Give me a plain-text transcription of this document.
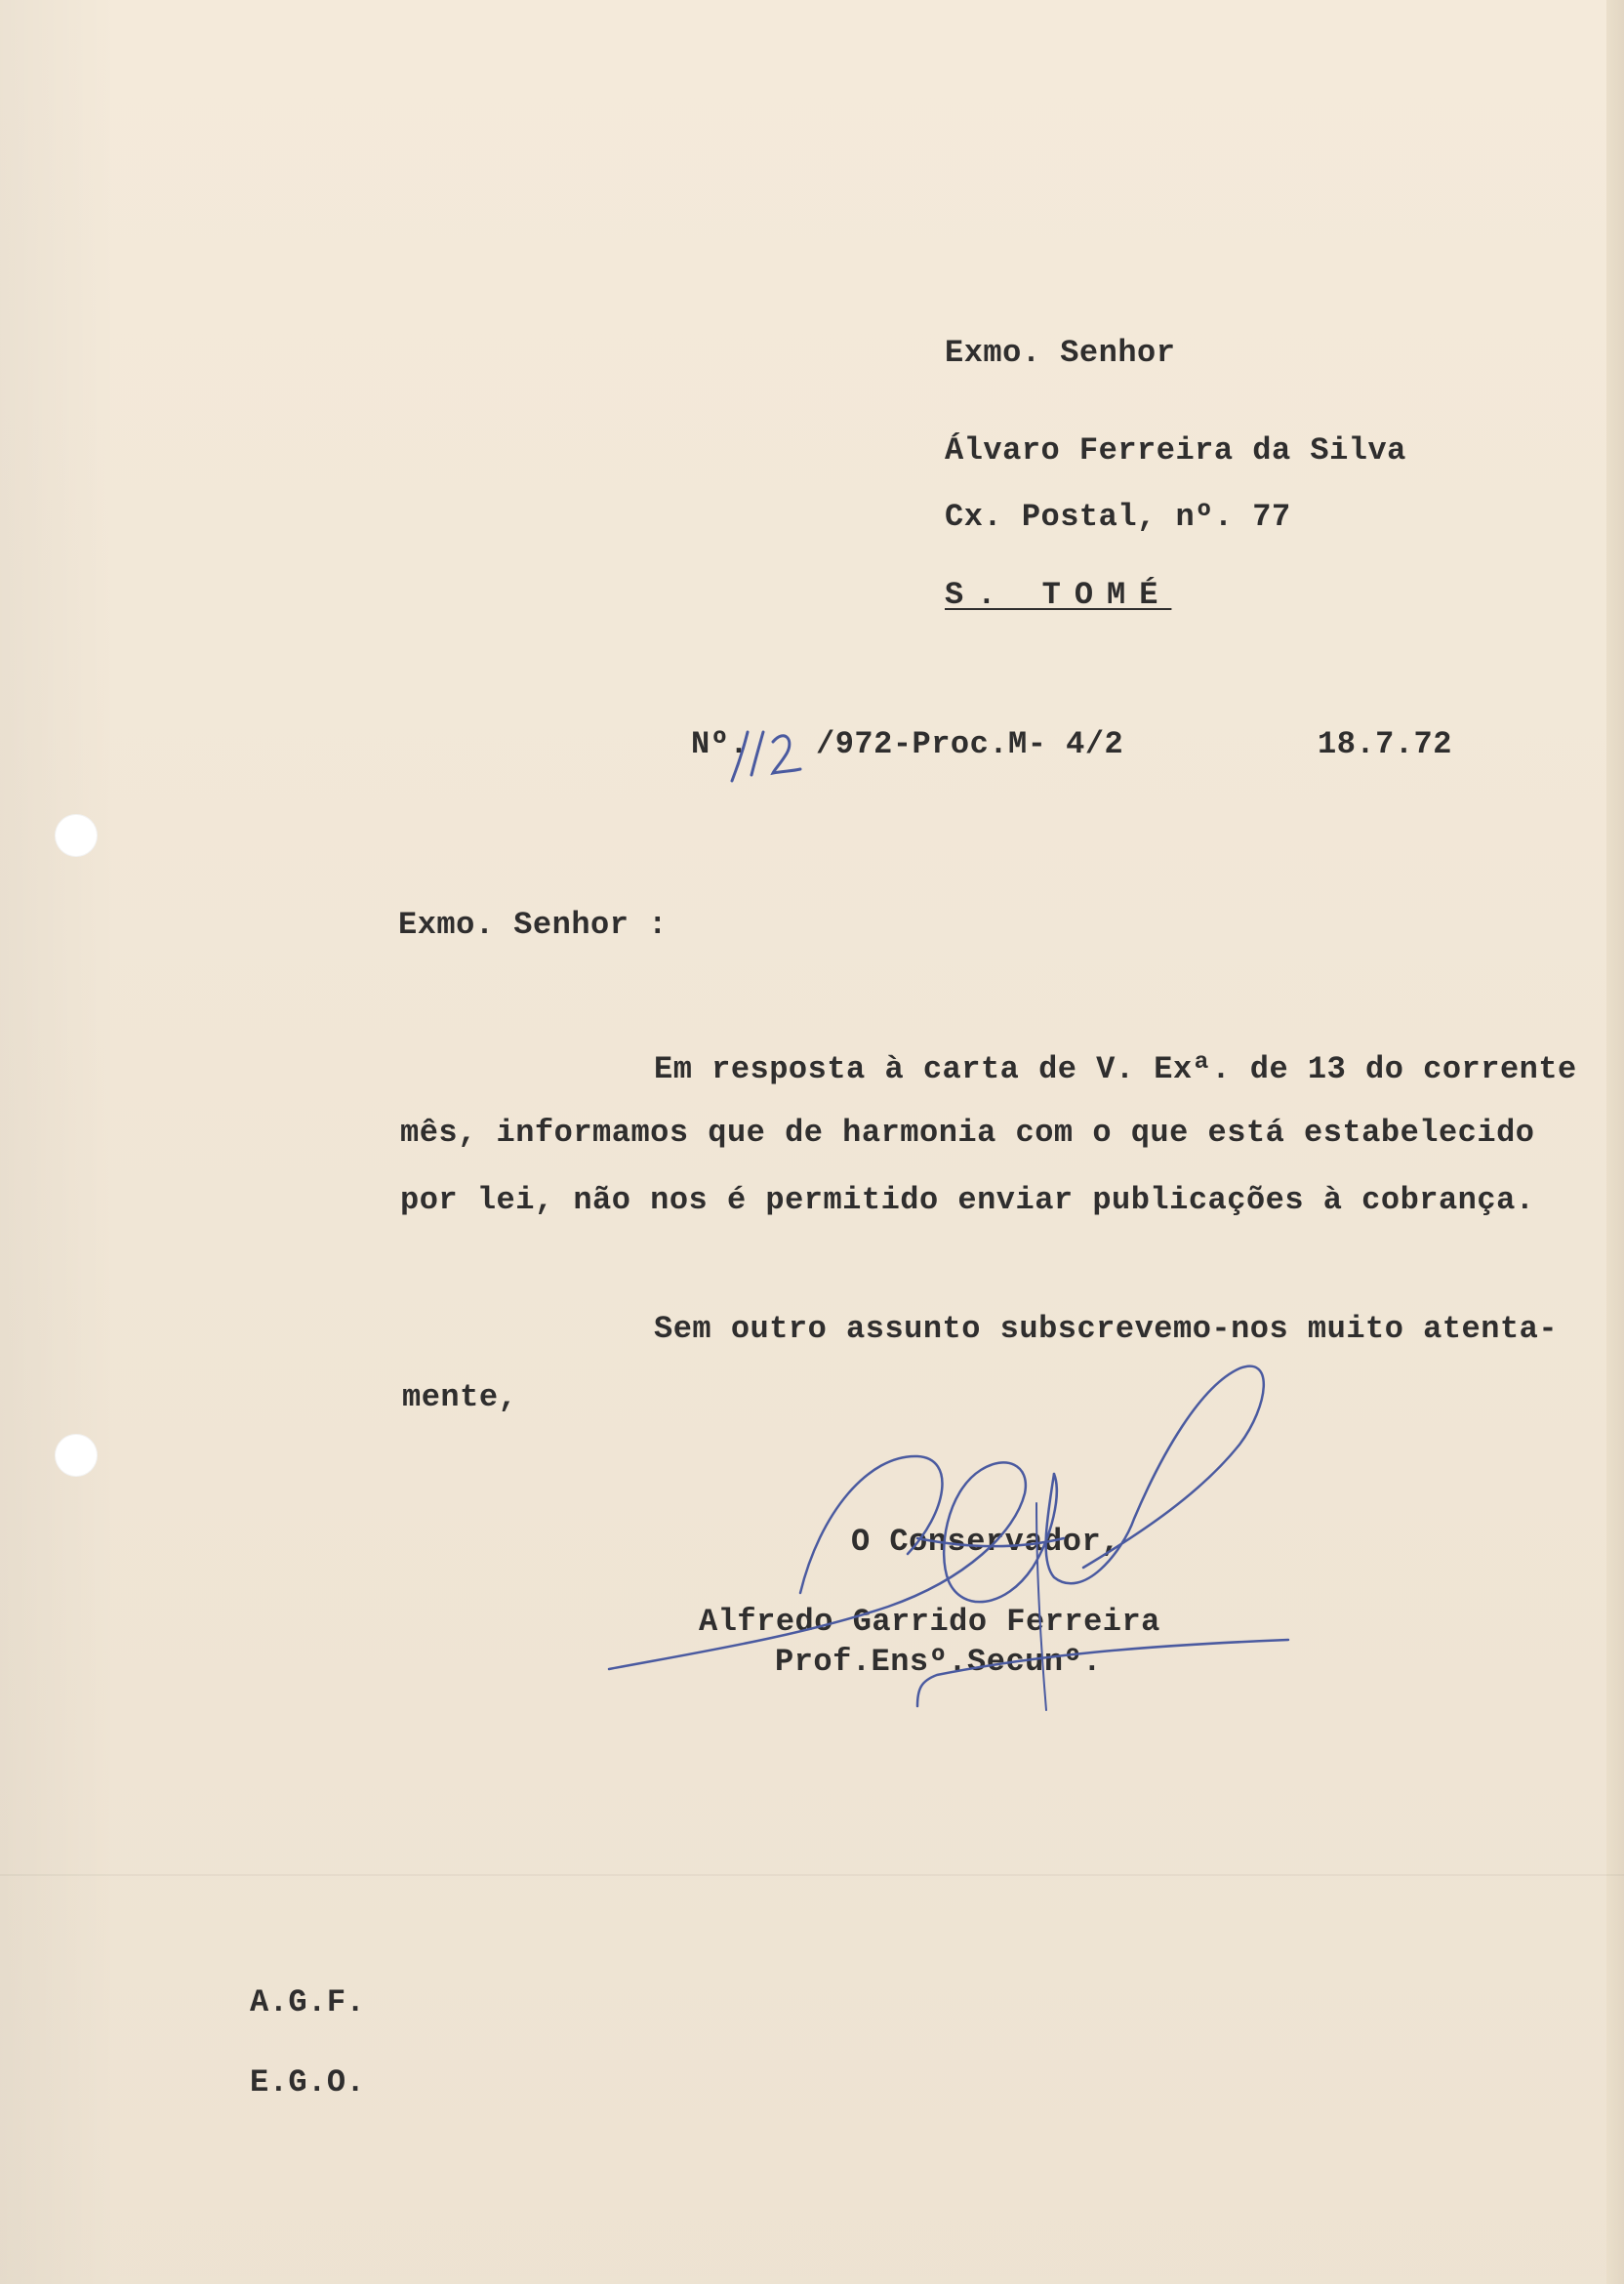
Exmo. Senhor
Álvaro Ferreira da Silva
Cx. Postal, nº. 77
S. TOMÉ
Nº. /972-Proc.M- 4/2	18.7.72
Exmo. Senhor :
Em resposta à carta de V. Exª. de 13 do corrente
mês, informamos que de harmonia com o que está estabelecido
por lei, não nos é permitido enviar publicações à cobrança.
Sem outro assunto subscrevemo-nos muito atenta-
mente,
O Conservador,
Alfredo Garrido Ferreira
Prof.Ensº.Secunº.
A.G.F.
E.G.O.
